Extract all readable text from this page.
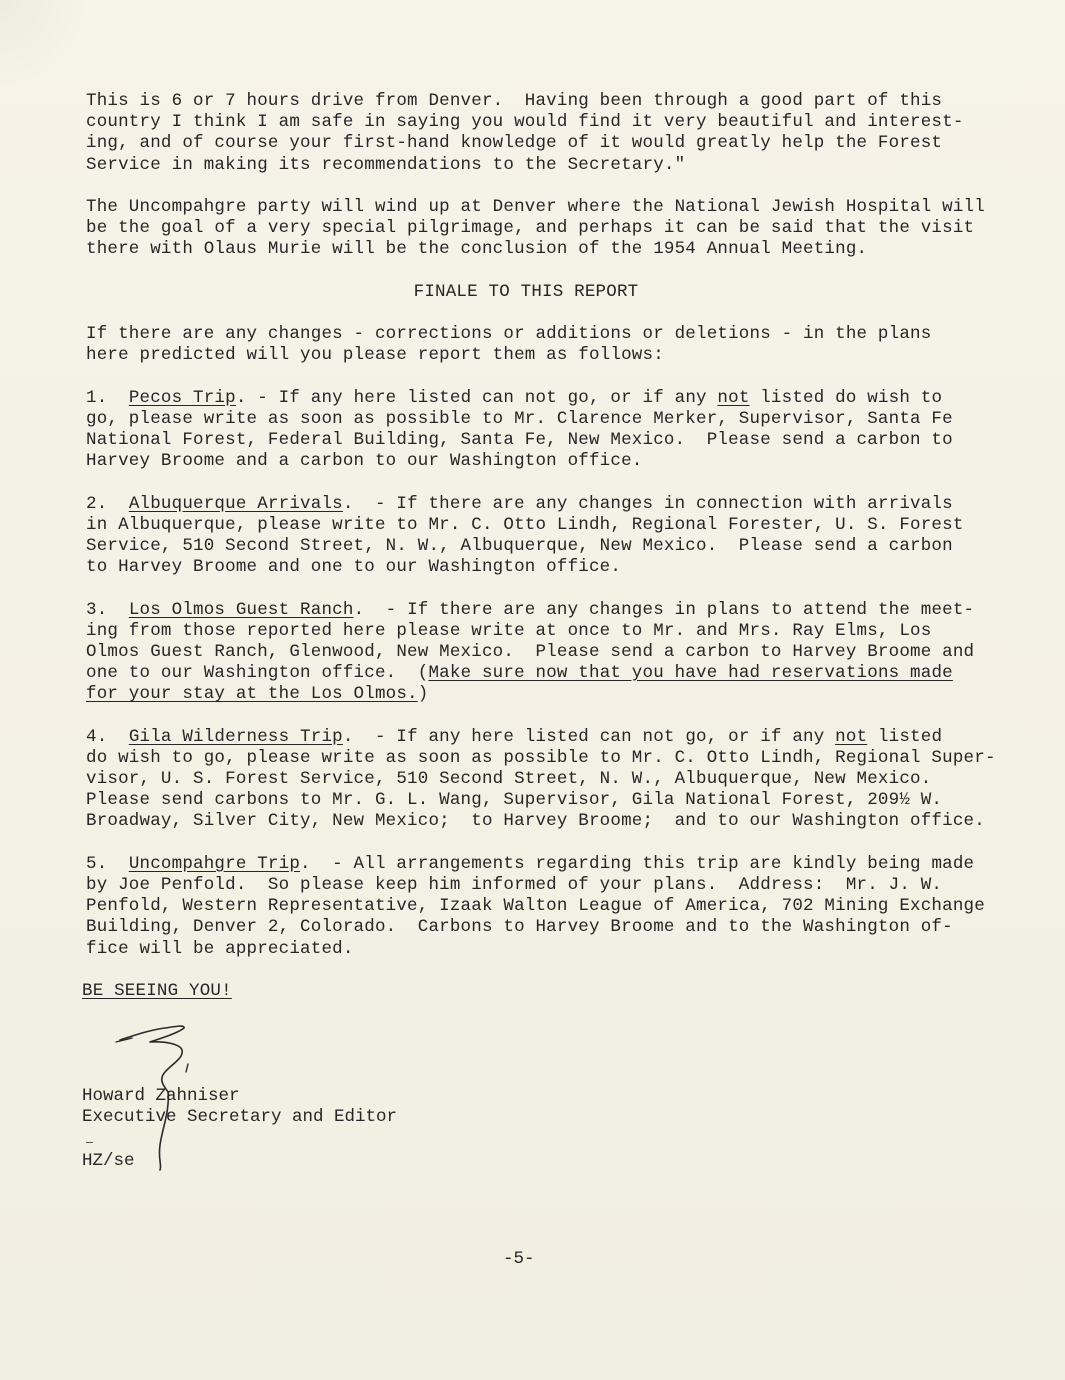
This is 6 or 7 hours drive from Denver.  Having been through a good part of this
country I think I am safe in saying you would find it very beautiful and interest-
ing, and of course your first-hand knowledge of it would greatly help the Forest
Service in making its recommendations to the Secretary."
The Uncompahgre party will wind up at Denver where the National Jewish Hospital will
be the goal of a very special pilgrimage, and perhaps it can be said that the visit
there with Olaus Murie will be the conclusion of the 1954 Annual Meeting.
FINALE TO THIS REPORT
If there are any changes - corrections or additions or deletions - in the plans
here predicted will you please report them as follows:
1.  Pecos Trip. - If any here listed can not go, or if any not listed do wish to
go, please write as soon as possible to Mr. Clarence Merker, Supervisor, Santa Fe
National Forest, Federal Building, Santa Fe, New Mexico.  Please send a carbon to
Harvey Broome and a carbon to our Washington office.
2.  Albuquerque Arrivals.  - If there are any changes in connection with arrivals
in Albuquerque, please write to Mr. C. Otto Lindh, Regional Forester, U. S. Forest
Service, 510 Second Street, N. W., Albuquerque, New Mexico.  Please send a carbon
to Harvey Broome and one to our Washington office.
3.  Los Olmos Guest Ranch.  - If there are any changes in plans to attend the meet-
ing from those reported here please write at once to Mr. and Mrs. Ray Elms, Los
Olmos Guest Ranch, Glenwood, New Mexico.  Please send a carbon to Harvey Broome and
one to our Washington office.  (Make sure now that you have had reservations made
for your stay at the Los Olmos.)
4.  Gila Wilderness Trip.  - If any here listed can not go, or if any not listed
do wish to go, please write as soon as possible to Mr. C. Otto Lindh, Regional Super-
visor, U. S. Forest Service, 510 Second Street, N. W., Albuquerque, New Mexico.
Please send carbons to Mr. G. L. Wang, Supervisor, Gila National Forest, 209½ W.
Broadway, Silver City, New Mexico;  to Harvey Broome;  and to our Washington office.
5.  Uncompahgre Trip.  - All arrangements regarding this trip are kindly being made
by Joe Penfold.  So please keep him informed of your plans.  Address:  Mr. J. W.
Penfold, Western Representative, Izaak Walton League of America, 702 Mining Exchange
Building, Denver 2, Colorado.  Carbons to Harvey Broome and to the Washington of-
fice will be appreciated.
BE SEEING YOU!
Howard Zahniser
Executive Secretary and Editor
HZ/se
-5-
